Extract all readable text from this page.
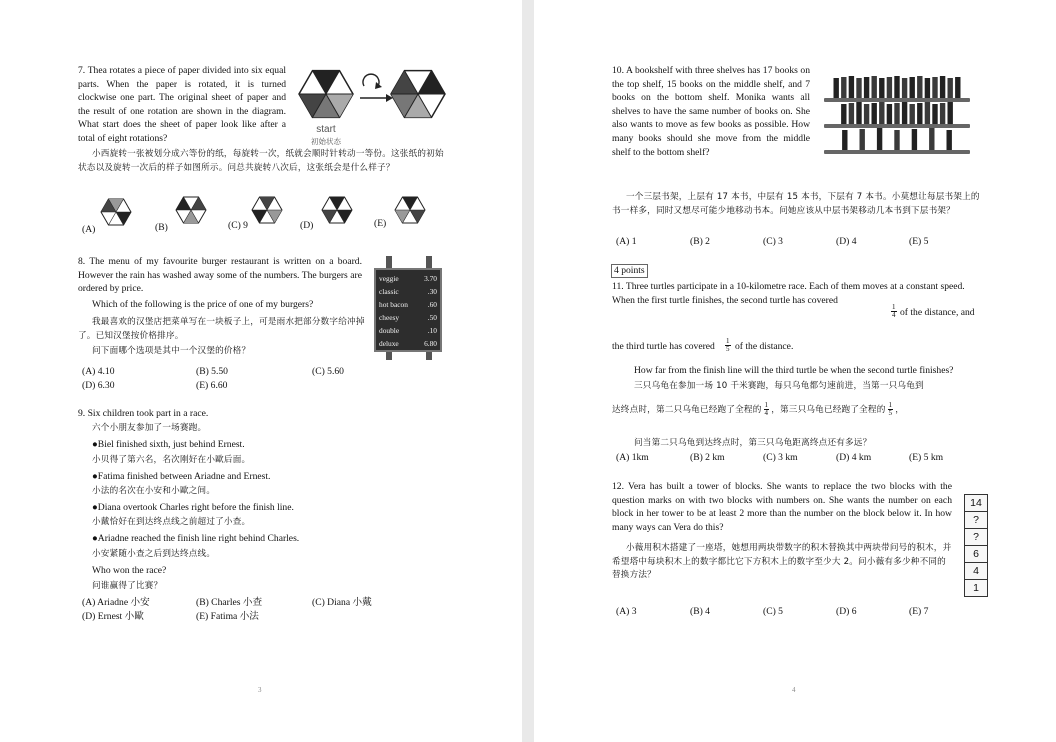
7. Thea rotates a piece of paper divided into six equal parts. When the paper is rotated, it is turned clockwise one part. The original sheet of paper and the result of one rotation are shown in the diagram. What start does the sheet of paper look like after a total of eight rotations?

start
初始状态

小西旋转一张被划分成六等份的纸，每旋转一次，纸就会顺时针转动一等份。这张纸的初始状态以及旋转一次后的样子如图所示。问总共旋转八次后，这张纸会是什么样子？

(A)	(B)	(C) 9	(D)	(E)

8. The menu of my favourite burger restaurant is written on a board. However the rain has washed away some of the numbers. The burgers are ordered by price.

Which of the following is the price of one of my burgers?

我最喜欢的汉堡店把菜单写在一块板子上，可是雨水把部分数字给冲掉了。已知汉堡按价格排序。

问下面哪个选项是其中一个汉堡的价格？

veggie	3.70
classic	.30
hot bacon	.60
cheesy	.50
double	.10
deluxe	6.80
(A) 4.10	(B) 5.50	(C) 5.60
(D) 6.30	(E) 6.60

9. Six children took part in a race.

六个小朋友参加了一场赛跑。

●Biel finished sixth, just behind Ernest.

小贝得了第六名，名次刚好在小歐后面。

●Fatima finished between Ariadne and Ernest.

小法的名次在小安和小歐之间。

●Diana overtook Charles right before the finish line.

小戴恰好在到达终点线之前超过了小查。

●Ariadne reached the finish line right behind Charles.

小安紧随小查之后到达终点线。

Who won the race?

问谁赢得了比赛？

(A) Ariadne 小安	(B) Charles 小查	(C) Diana 小戴
(D) Ernest 小歐	(E) Fatima 小法
3

10. A bookshelf with three shelves has 17 books on the top shelf, 15 books on the middle shelf, and 7 books on the bottom shelf. Monika wants all shelves to have the same number of books on. She also wants to move as few books as possible. How many books should she move from the middle shelf to the bottom shelf?

一个三层书架，上层有 17 本书，中层有 15 本书，下层有 7 本书。小莫想让每层书架上的书一样多，同时又想尽可能少地移动书本。问她应该从中层书架移动几本书到下层书架？

(A) 1	(B) 2	(C) 3	(D) 4	(E) 5
4 points

11. Three turtles participate in a 10-kilometre race. Each of them moves at a constant speed. When the first turtle finishes, the second turtle has covered

$\frac{1}{4}$ of the distance, and
the third turtle has covered $\frac{1}{5}$ of the distance.

How far from the finish line will the third turtle be when the second turtle finishes?

三只乌龟在参加一场 10 千米赛跑，每只乌龟都匀速前进，当第一只乌龟到

达终点时，第二只乌龟已经跑了全程的 $\frac{1}{4}$ ，第三只乌龟已经跑了全程的 $\frac{1}{5}$ ，

问当第二只乌龟到达终点时，第三只乌龟距离终点还有多远？

(A) 1km	(B) 2 km	(C) 3 km	(D) 4 km	(E) 5 km

12. Vera has built a tower of blocks. She wants to replace the two blocks with the question marks on with two blocks with numbers on. She wants the number on each block in her tower to be at least 2 more than the number on the block below it. In how many ways can Vera do this?

小薇用积木搭建了一座塔，她想用两块带数字的积木替换其中两块带问号的积木，并希望塔中每块积木上的数字都比它下方积木上的数字至少大 2。问小薇有多少种不同的替换方法？

14
?
?
6
4
1
(A) 3	(B) 4	(C) 5	(D) 6	(E) 7
4
